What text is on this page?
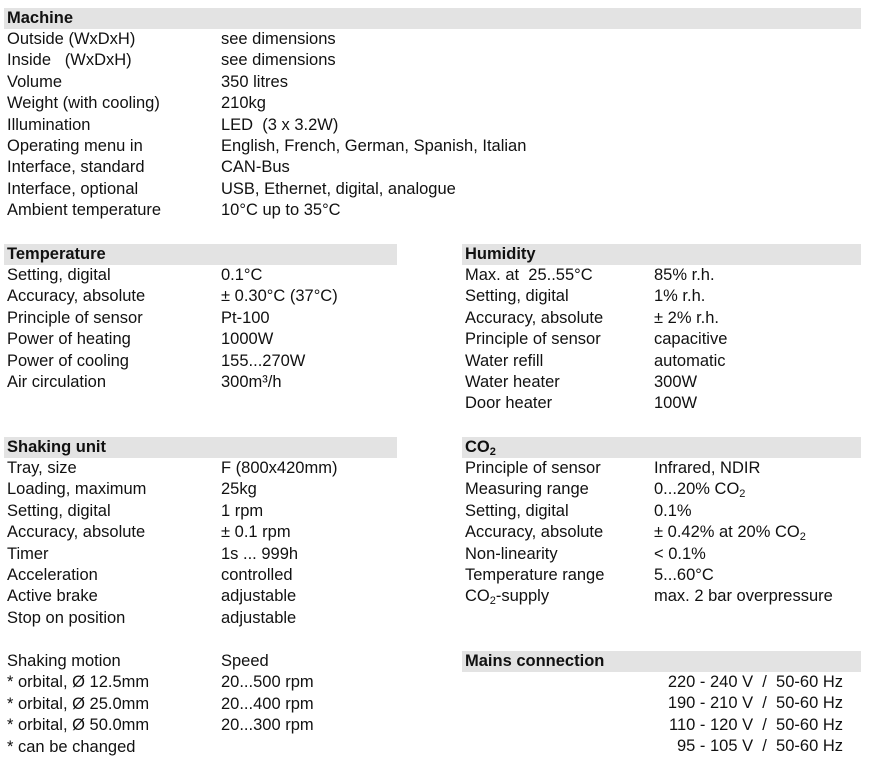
Machine
Outside (WxDxH)	see dimensions
Inside   (WxDxH)	see dimensions
Volume	350 litres
Weight (with cooling)	210kg
Illumination	LED  (3 x 3.2W)
Operating menu in	English, French, German, Spanish, Italian
Interface, standard	CAN-Bus
Interface, optional	USB, Ethernet, digital, analogue
Ambient temperature	10°C up to 35°C
Temperature
Setting, digital	0.1°C
Accuracy, absolute	± 0.30°C (37°C)
Principle of sensor	Pt-100
Power of heating	1000W
Power of cooling	155...270W
Air circulation	300m³/h
Humidity
Max. at  25..55°C	85% r.h.
Setting, digital	1% r.h.
Accuracy, absolute	± 2% r.h.
Principle of sensor	capacitive
Water refill	automatic
Water heater	300W
Door heater	100W
Shaking unit
Tray, size	F (800x420mm)
Loading, maximum	25kg
Setting, digital	1 rpm
Accuracy, absolute	± 0.1 rpm
Timer	1s ... 999h
Acceleration	controlled
Active brake	adjustable
Stop on position	adjustable
$CO_2$
Principle of sensor	Infrared, NDIR
Measuring range	0...20% $CO_2$
Setting, digital	0.1%
Accuracy, absolute	± 0.42% at 20% $CO_2$
Non-linearity	< 0.1%
Temperature range	5...60°C
$CO_2$-supply	max. 2 bar overpressure
Shaking motion	Speed
* orbital, Ø 12.5mm	20...500 rpm
* orbital, Ø 25.0mm	20...400 rpm
* orbital, Ø 50.0mm	20...300 rpm
* can be changed
Mains connection
220 - 240 V  /  50-60 Hz
190 - 210 V  /  50-60 Hz
110 - 120 V  /  50-60 Hz
95 - 105 V  /  50-60 Hz
